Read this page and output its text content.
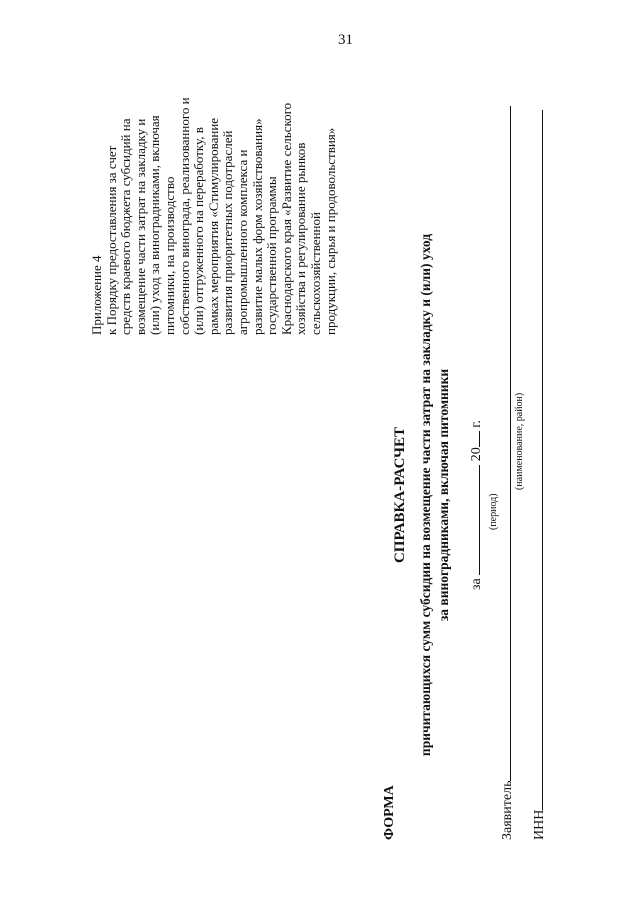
31
Приложение 4 к Порядку предоставления за счет средств краевого бюджета субсидий на возмещение части затрат на закладку и (или) уход за виноградниками, включая питомники, на производство собственного винограда, реализованного и (или) отгруженного на переработку, в рамках мероприятия «Стимулирование развития приоритетных подотраслей агропромышленного комплекса и развитие малых форм хозяйствования» государственной программы Краснодарского края «Развитие сельского хозяйства и регулирование рынков сельскохозяйственной продукции, сырья и продовольствия»
ФОРМА
СПРАВКА-РАСЧЕТ причитающихся сумм субсидии на возмещение части затрат на закладку и (или) уход за виноградниками, включая питомники за  20 г.
(период)
Заявитель
(наименование, район)
ИНН
